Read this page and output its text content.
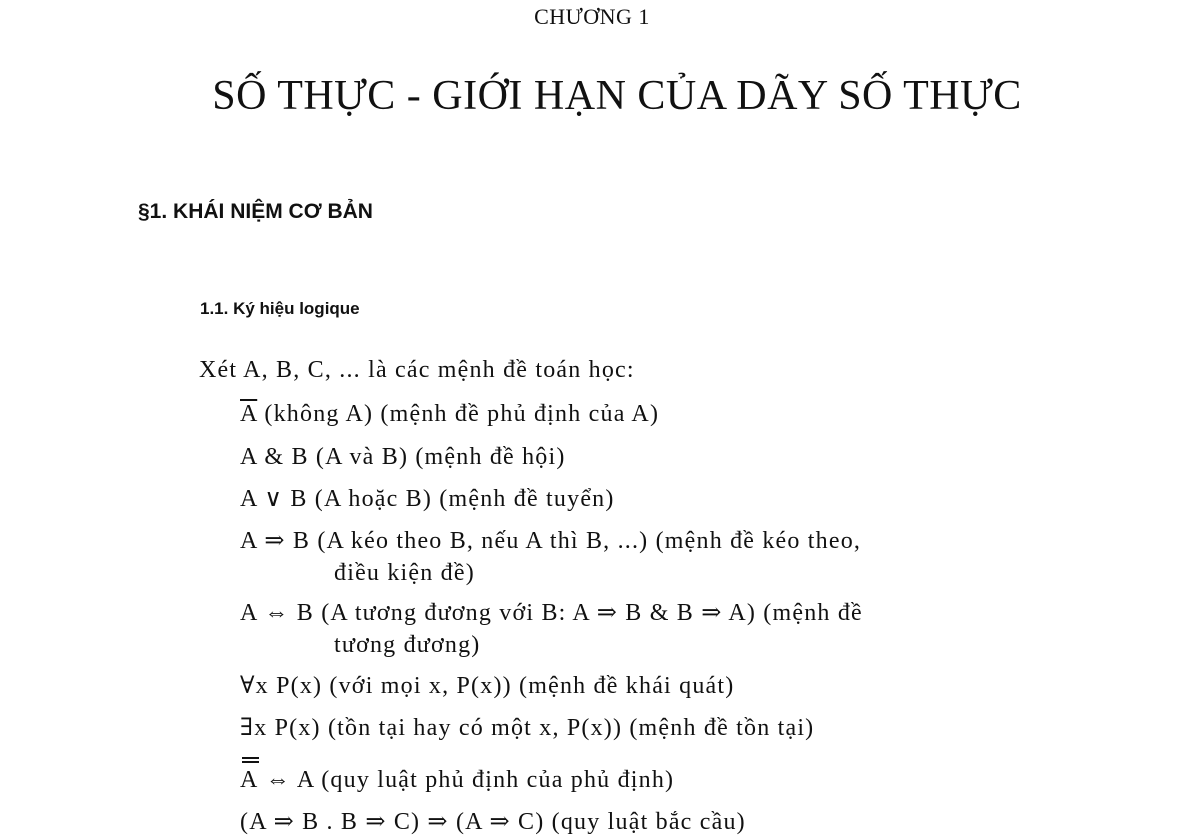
CHƯƠNG 1
SỐ THỰC - GIỚI HẠN CỦA DÃY SỐ THỰC
§1. KHÁI NIỆM CƠ BẢN
1.1. Ký hiệu logique
Xét A, B, C, ... là các mệnh đề toán học:
$\overline{A}$ (không A) (mệnh đề phủ định của A)
A & B (A và B) (mệnh đề hội)
A ∨ B (A hoặc B) (mệnh đề tuyển)
A ⇒ B (A kéo theo B, nếu A thì B, ...) (mệnh đề kéo theo,
điều kiện đề)
A ⇔ B (A tương đương với B: A ⇒ B & B ⇒ A) (mệnh đề
tương đương)
∀x P(x) (với mọi x, P(x)) (mệnh đề khái quát)
∃x P(x) (tồn tại hay có một x, P(x)) (mệnh đề tồn tại)
A ⇔ A (quy luật phủ định của phủ định)
(A ⇒ B . B ⇒ C) ⇒ (A ⇒ C) (quy luật bắc cầu)
